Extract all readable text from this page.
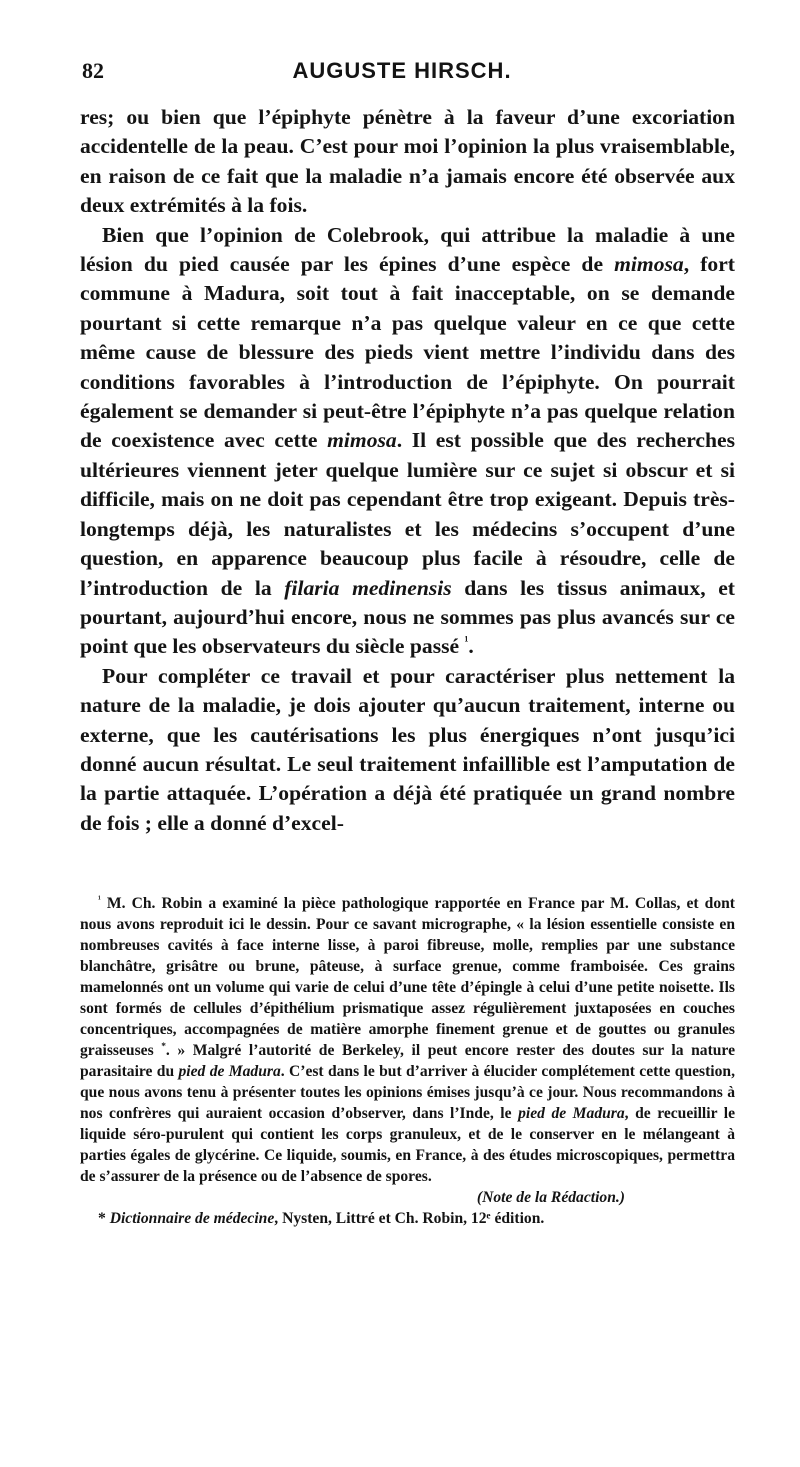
82	AUGUSTE HIRSCH.

res; ou bien que l’épiphyte pénètre à la faveur d’une excoriation accidentelle de la peau. C’est pour moi l’opinion la plus vraisemblable, en raison de ce fait que la maladie n’a jamais encore été observée aux deux extrémités à la fois.

Bien que l’opinion de Colebrook, qui attribue la maladie à une lésion du pied causée par les épines d’une espèce de mimosa, fort commune à Madura, soit tout à fait inacceptable, on se demande pourtant si cette remarque n’a pas quelque valeur en ce que cette même cause de blessure des pieds vient mettre l’individu dans des conditions favorables à l’introduction de l’épiphyte. On pourrait également se demander si peut-être l’épiphyte n’a pas quelque relation de coexistence avec cette mimosa. Il est possible que des recherches ultérieures viennent jeter quelque lumière sur ce sujet si obscur et si difficile, mais on ne doit pas cependant être trop exigeant. Depuis très-longtemps déjà, les naturalistes et les médecins s’occupent d’une question, en apparence beaucoup plus facile à résoudre, celle de l’introduction de la filaria medinensis dans les tissus animaux, et pourtant, aujourd’hui encore, nous ne sommes pas plus avancés sur ce point que les observateurs du siècle passé $^{^1}$.

Pour compléter ce travail et pour caractériser plus nettement la nature de la maladie, je dois ajouter qu’aucun traitement, interne ou externe, que les cautérisations les plus énergiques n’ont jusqu’ici donné aucun résultat. Le seul traitement infaillible est l’amputation de la partie attaquée. L’opération a déjà été pratiquée un grand nombre de fois ; elle a donné d’excel-

$^{^1}$ M. Ch. Robin a examiné la pièce pathologique rapportée en France par M. Collas, et dont nous avons reproduit ici le dessin. Pour ce savant micrographe, « la lésion essentielle consiste en nombreuses cavités à face interne lisse, à paroi fibreuse, molle, remplies par une substance blanchâtre, grisâtre ou brune, pâteuse, à surface grenue, comme framboisée. Ces grains mamelonnés ont un volume qui varie de celui d’une tête d’épingle à celui d’une petite noisette. Ils sont formés de cellules d’épithélium prismatique assez régulièrement juxtaposées en couches concentriques, accompagnées de matière amorphe finement grenue et de gouttes ou granules graisseuses *. » Malgré l’autorité de Berkeley, il peut encore rester des doutes sur la nature parasitaire du pied de Madura. C’est dans le but d’arriver à élucider complétement cette question, que nous avons tenu à présenter toutes les opinions émises jusqu’à ce jour. Nous recommandons à nos confrères qui auraient occasion d’observer, dans l’Inde, le pied de Madura, de recueillir le liquide séro-purulent qui contient les corps granuleux, et de le conserver en le mélangeant à parties égales de glycérine. Ce liquide, soumis, en France, à des études microscopiques, permettra de s’assurer de la présence ou de l’absence de spores.

(Note de la Rédaction.)

* Dictionnaire de médecine, Nysten, Littré et Ch. Robin, 12ᵉ édition.
